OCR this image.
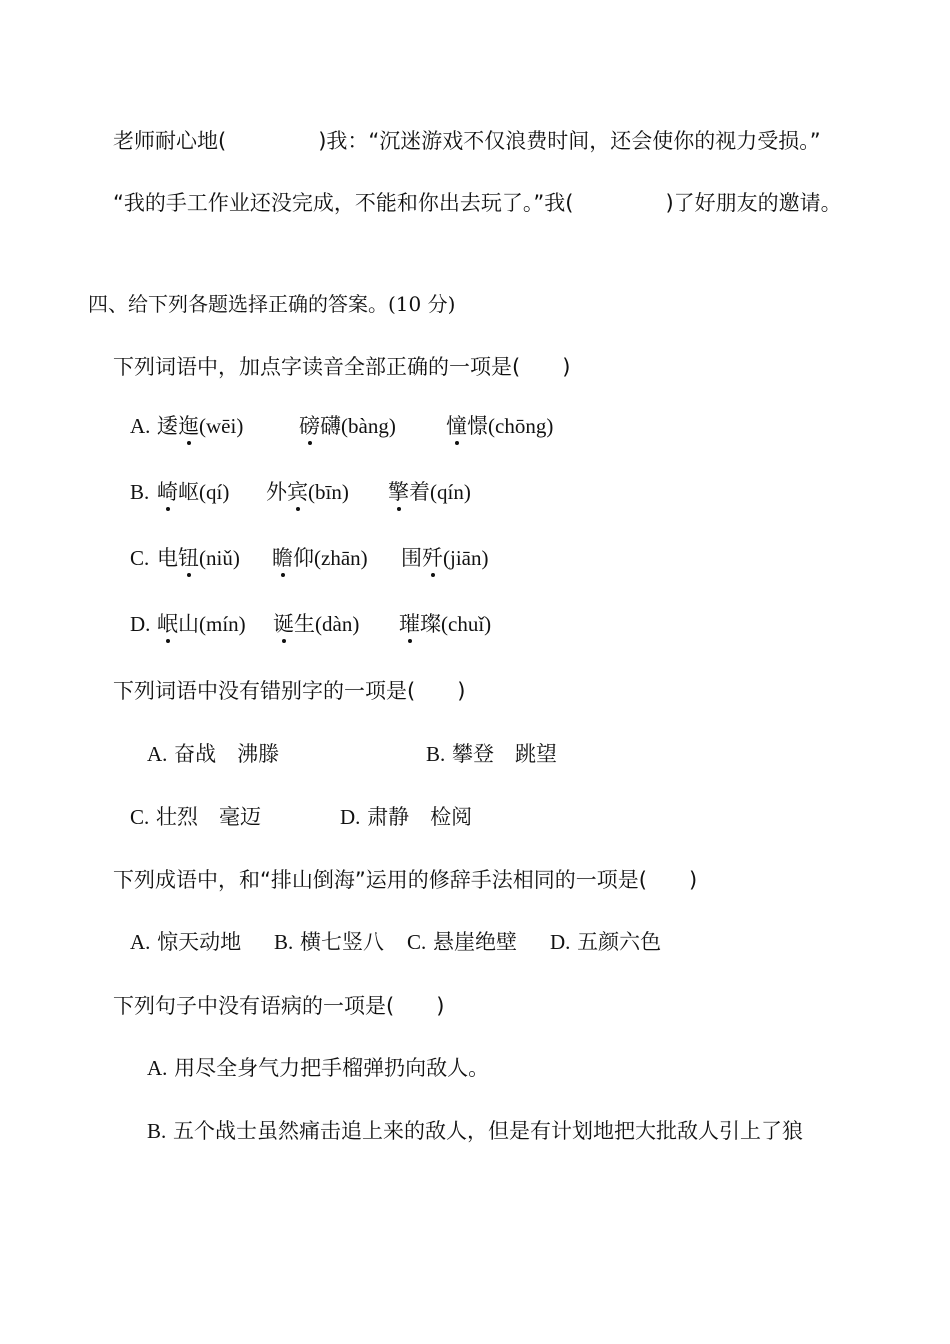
老师耐心地(	)我：“沉迷游戏不仅浪费时间，还会使你的视力受损。”
“我的手工作业还没完成，不能和你出去玩了。”我(	)了好朋友的邀请。
四、给下列各题选择正确的答案。(10 分)
下列词语中，加点字读音全部正确的一项是(　　)
A. 逶迤(wēi)	磅礴(bàng) 憧憬(chōng)
B. 崎岖(qí) 外宾(bīn) 擎着(qín)
C. 电钮(niǔ) 瞻仰(zhān) 围歼(jiān)
D. 岷山(mín) 诞生(dàn) 璀璨(chuǐ)
下列词语中没有错别字的一项是(　　)
A. 奋战　沸滕	B. 攀登　跳望
C. 壮烈　毫迈	D. 肃静　检阅
下列成语中，和“排山倒海”运用的修辞手法相同的一项是(　　)
A. 惊天动地 B. 横七竖八 C. 悬崖绝壁 D. 五颜六色
下列句子中没有语病的一项是(　　)
A. 用尽全身气力把手榴弹扔向敌人。
B. 五个战士虽然痛击追上来的敌人，但是有计划地把大批敌人引上了狼
